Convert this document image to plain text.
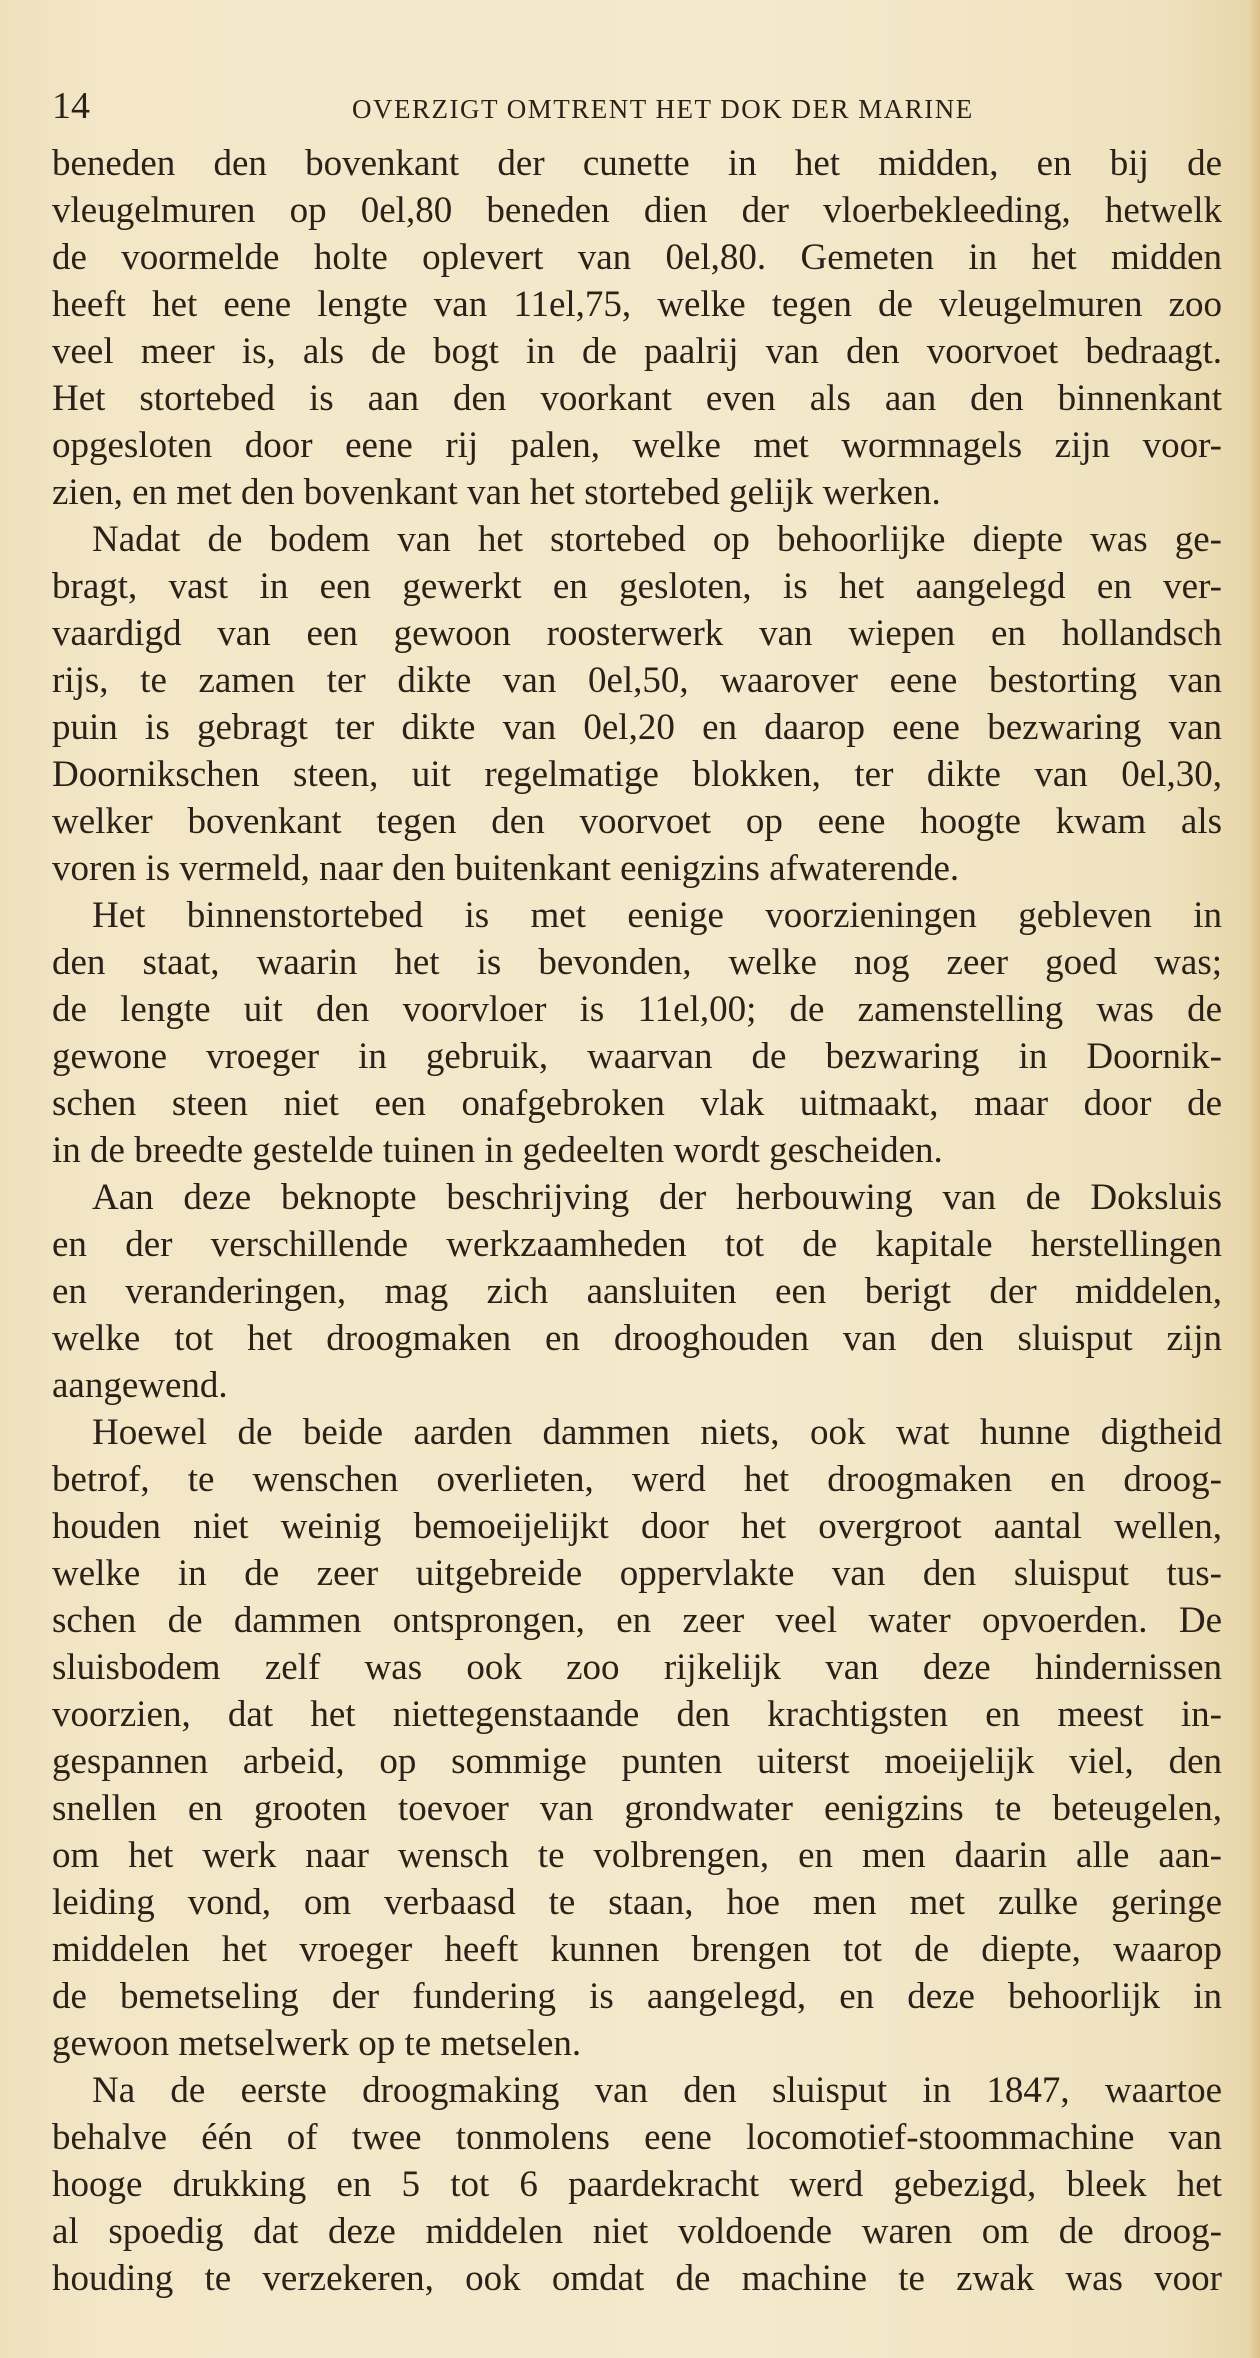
14	OVERZIGT OMTRENT HET DOK DER MARINE
beneden den bovenkant der cunette in het midden, en bij de
vleugelmuren op 0el,80 beneden dien der vloerbekleeding, hetwelk
de voormelde holte oplevert van 0el,80. Gemeten in het midden
heeft het eene lengte van 11el,75, welke tegen de vleugelmuren zoo
veel meer is, als de bogt in de paalrij van den voorvoet bedraagt.
Het stortebed is aan den voorkant even als aan den binnenkant
opgesloten door eene rij palen, welke met wormnagels zijn voor-
zien, en met den bovenkant van het stortebed gelijk werken.
Nadat de bodem van het stortebed op behoorlijke diepte was ge-
bragt, vast in een gewerkt en gesloten, is het aangelegd en ver-
vaardigd van een gewoon roosterwerk van wiepen en hollandsch
rijs, te zamen ter dikte van 0el,50, waarover eene bestorting van
puin is gebragt ter dikte van 0el,20 en daarop eene bezwaring van
Doornikschen steen, uit regelmatige blokken, ter dikte van 0el,30,
welker bovenkant tegen den voorvoet op eene hoogte kwam als
voren is vermeld, naar den buitenkant eenigzins afwaterende.
Het binnenstortebed is met eenige voorzieningen gebleven in
den staat, waarin het is bevonden, welke nog zeer goed was;
de lengte uit den voorvloer is 11el,00; de zamenstelling was de
gewone vroeger in gebruik, waarvan de bezwaring in Doornik-
schen steen niet een onafgebroken vlak uitmaakt, maar door de
in de breedte gestelde tuinen in gedeelten wordt gescheiden.
Aan deze beknopte beschrijving der herbouwing van de Doksluis
en der verschillende werkzaamheden tot de kapitale herstellingen
en veranderingen, mag zich aansluiten een berigt der middelen,
welke tot het droogmaken en drooghouden van den sluisput zijn
aangewend.
Hoewel de beide aarden dammen niets, ook wat hunne digtheid
betrof, te wenschen overlieten, werd het droogmaken en droog-
houden niet weinig bemoeijelijkt door het overgroot aantal wellen,
welke in de zeer uitgebreide oppervlakte van den sluisput tus-
schen de dammen ontsprongen, en zeer veel water opvoerden. De
sluisbodem zelf was ook zoo rijkelijk van deze hindernissen
voorzien, dat het niettegenstaande den krachtigsten en meest in-
gespannen arbeid, op sommige punten uiterst moeijelijk viel, den
snellen en grooten toevoer van grondwater eenigzins te beteugelen,
om het werk naar wensch te volbrengen, en men daarin alle aan-
leiding vond, om verbaasd te staan, hoe men met zulke geringe
middelen het vroeger heeft kunnen brengen tot de diepte, waarop
de bemetseling der fundering is aangelegd, en deze behoorlijk in
gewoon metselwerk op te metselen.
Na de eerste droogmaking van den sluisput in 1847, waartoe
behalve één of twee tonmolens eene locomotief-stoommachine van
hooge drukking en 5 tot 6 paardekracht werd gebezigd, bleek het
al spoedig dat deze middelen niet voldoende waren om de droog-
houding te verzekeren, ook omdat de machine te zwak was voor
